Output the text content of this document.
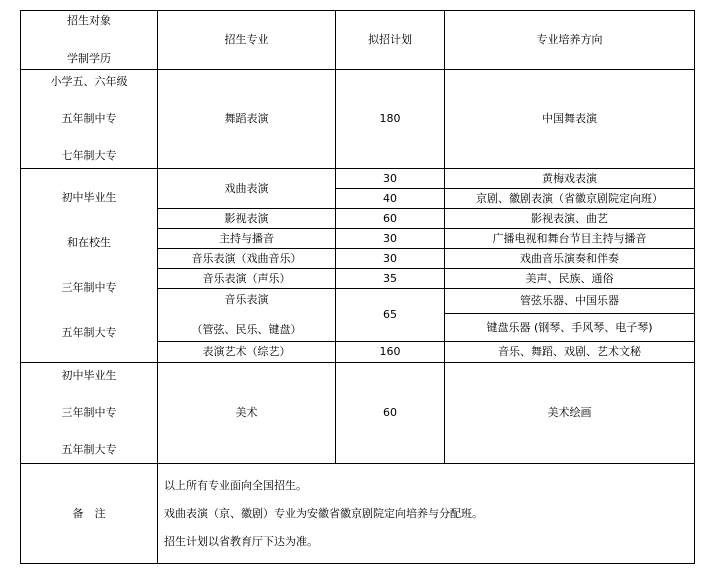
招生对象
学制学历	招生专业	拟招计划	专业培养方向

小学五、六年级
五年制中专
七年制大专	舞蹈表演	180	中国舞表演

初中毕业生
和在校生
三年制中专
五年制大专	戏曲表演	30	黄梅戏表演
		40	京剧、徽剧表演（省徽京剧院定向班）
	影视表演	60	影视表演、曲艺
	主持与播音	30	广播电视和舞台节目主持与播音
	音乐表演（戏曲音乐）	30	戏曲音乐演奏和伴奏
	音乐表演（声乐）	35	美声、民族、通俗

	音乐表演
（管弦、民乐、键盘）	65	管弦乐器、中国乐器
			键盘乐器 (钢琴、手风琴、电子琴)
	表演艺术（综艺）	160	音乐、舞蹈、戏剧、艺术文秘

初中毕业生
三年制中专
五年制大专	美术	60	美术绘画
备　注	以上所有专业面向全国招生。
戏曲表演（京、徽剧）专业为安徽省徽京剧院定向培养与分配班。
招生计划以省教育厅下达为准。		
